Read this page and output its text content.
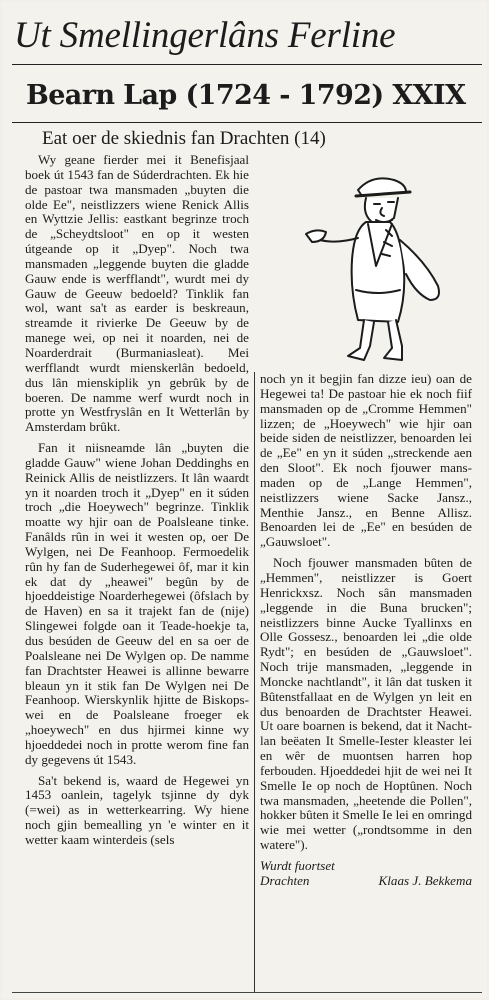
Ut Smellingerlâns Ferline
Bearn Lap (1724 - 1792) XXIX
Eat oer de skiednis fan Drachten (14)

Wy geane fierder mei it Benefisjaal boek út 1543 fan de Súderdrachten. Ek hie de pastoar twa mansmaden „buyten die olde Ee", neistlizzers wiene Renick Allis en Wyttzie Jellis: eastkant begrinze troch de „Scheydtsloot" en op it westen útgeande op it „Dyep". Noch twa mansmaden „leggende buyten die gladde Gauw ende is werfflandt", wurdt mei dy Gauw de Geeuw bedoeld? Tinklik fan wol, want sa't as earder is beskreaun, streamde it rivierke De Geeuw by de manege wei, op nei it noarden, nei de Noarderdrait (Burmaniasleat). Mei werfflandt wurdt mienskerlân bedoeld, dus lân mienskiplik yn gebrûk by de boeren. De namme werf wurdt noch in protte yn Westfryslân en It Wetterlân by Amsterdam brûkt.

Fan it niisneamde lân „buyten die gladde Gauw" wiene Johan Deddinghs en Reinick Allis de neistlizzers. It lân waardt yn it noarden troch it „Dyep" en it súden troch „die Hoeywech" begrinze. Tinklik moatte wy hjir oan de Poalsleane tinke. Fanâlds rûn in wei it westen op, oer De Wylgen, nei De Feanhoop. Fermoedelik rûn hy fan de Suderhegewei ôf, mar it kin ek dat dy „heawei" begûn by de hjoeddeistige Noarderhegewei (ôfslach by de Haven) en sa it trajekt fan de (nije) Slingewei folgde oan it Teade-hoekje ta, dus besúden de Geeuw del en sa oer de Poalsleane nei De Wylgen op. De namme fan Drachtster Heawei is allinne bewarre bleaun yn it stik fan De Wylgen nei De Feanhoop. Wierskynlik hjitte de Biskopswei en de Poalsleane froeger ek „hoeywech" en dus hjirmei kinne wy hjoeddedei noch in protte werom fine fan dy gegevens út 1543.

Sa't bekend is, waard de Hegewei yn 1453 oanlein, tagelyk tsjinne dy dyk (=wei) as in wetterkearring. Wy hiene noch gjin bemealling yn 'e winter en it wetter kaam winterdeis (sels

noch yn it begjin fan dizze ieu) oan de Hegewei ta! De pastoar hie ek noch fiif mansmaden op de „Cromme Hemmen" lizzen; de „Hoeywech" wie hjir oan beide siden de neistlizzer, benoarden lei de „Ee" en yn it súden „streckende aen den Sloot". Ek noch fjouwer mansmaden op de „Lange Hemmen", neistlizzers wiene Sacke Jansz., Menthie Jansz., en Benne Allisz. Benoarden lei de „Ee" en besúden de „Gauwsloet".

Noch fjouwer mansmaden bûten de „Hemmen", neistlizzer is Goert Henrickxsz. Noch sân mansmaden „leggende in die Buna brucken"; neistlizzers binne Aucke Tyallinxs en Olle Gossesz., benoarden lei „die olde Rydt"; en besúden de „Gauwsloet". Noch trije mansmaden, „leggende in Moncke nachtlandt", it lân dat tusken it Bûtenstfallaat en de Wylgen yn leit en dus benoarden de Drachtster Heawei. Ut oare boarnen is bekend, dat it Nachtlan beëaten It Smelle-Iester kleaster lei en wêr de muontsen harren hop ferbouden. Hjoeddedei hjit de wei nei It Smelle Ie op noch de Hoptûnen. Noch twa mansmaden, „heetende die Pollen", hokker bûten it Smelle Ie lei en omringd wie mei wetter („rondtsomme in den watere").

Wurdt fuortset
Drachten	Klaas J. Bekkema
